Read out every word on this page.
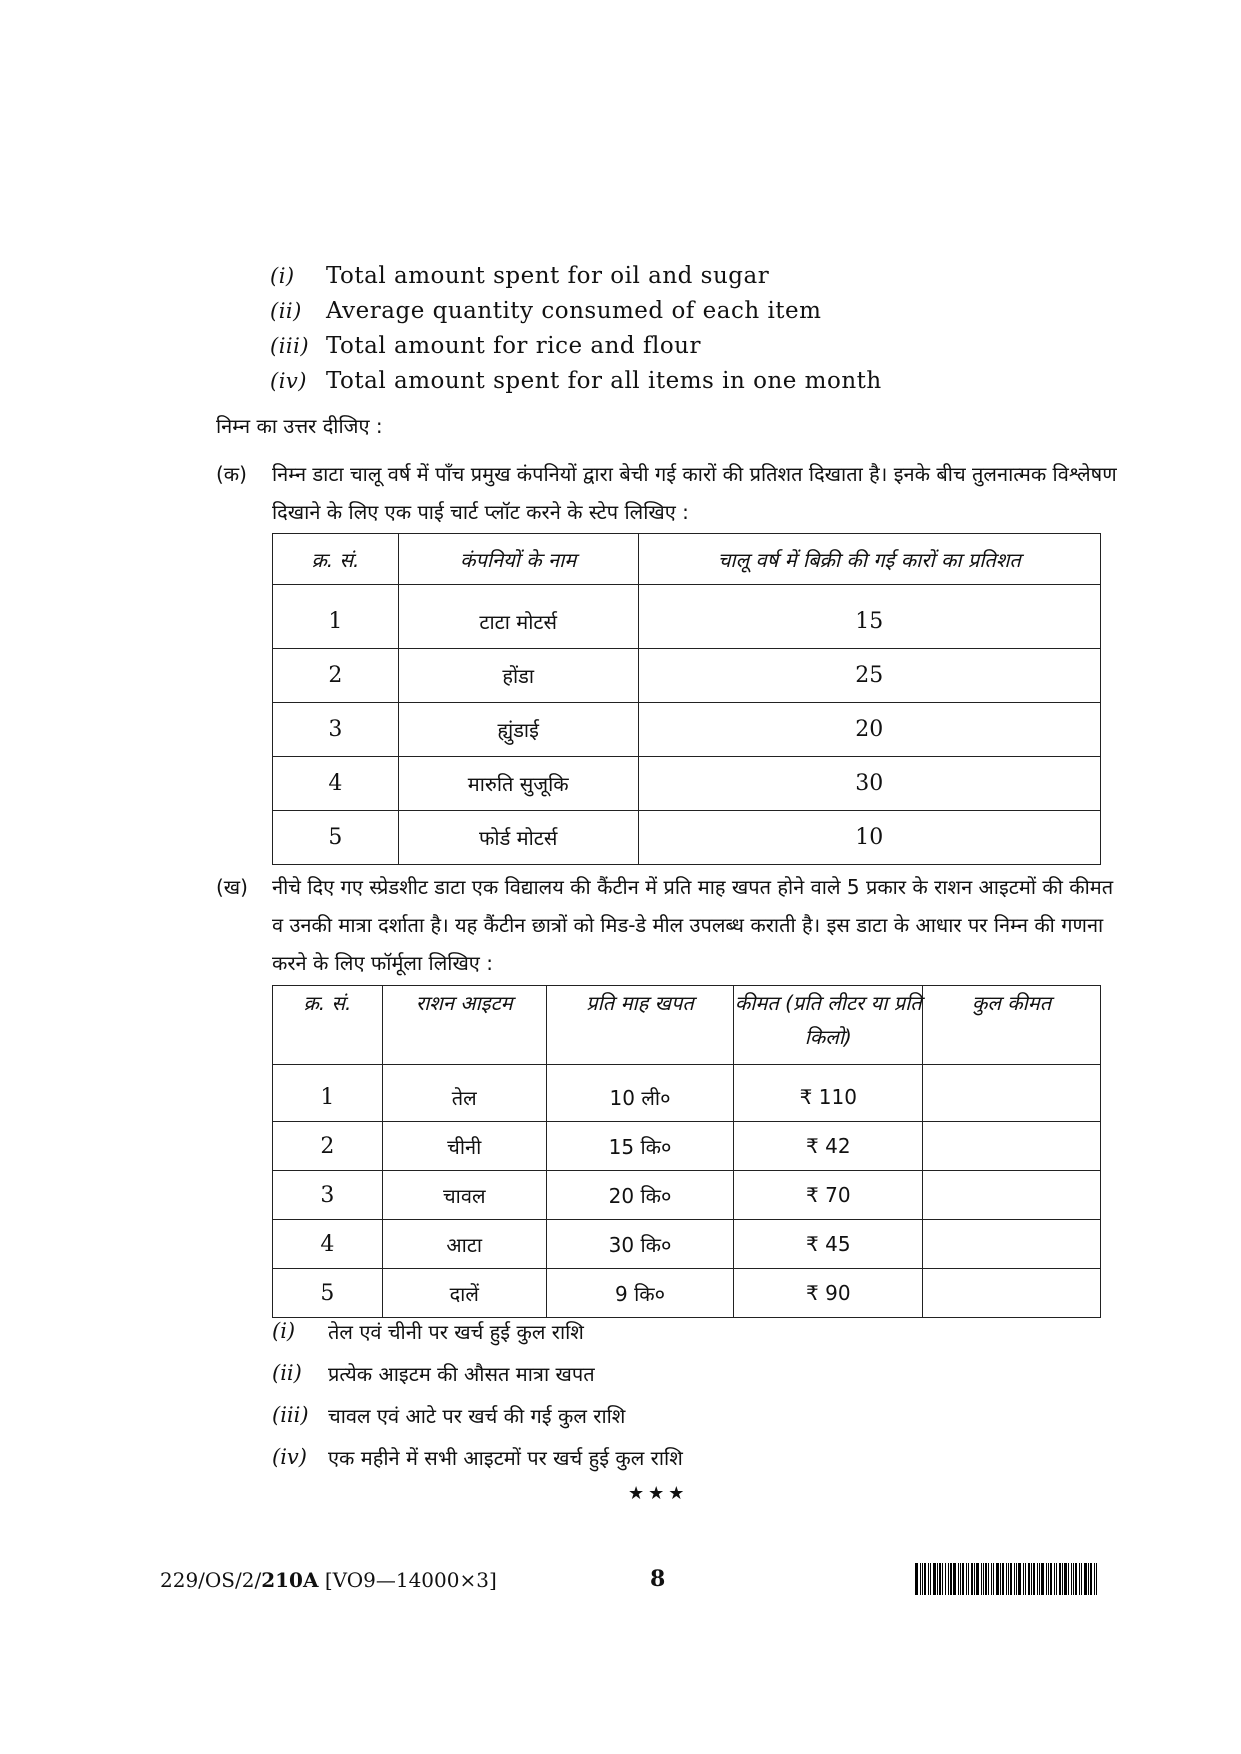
(i)	Total amount spent for oil and sugar
(ii)	Average quantity consumed of each item
(iii) Total amount for rice and flour
(iv) Total amount spent for all items in one month
निम्न का उत्तर दीजिए :
(क) निम्न डाटा चालू वर्ष में पाँच प्रमुख कंपनियों द्वारा बेची गई कारों की प्रतिशत दिखाता है। इनके बीच तुलनात्मक विश्लेषण दिखाने के लिए एक पाई चार्ट प्लॉट करने के स्टेप लिखिए :
क्र. सं.	कंपनियों के नाम	चालू वर्ष में बिक्री की गई कारों का प्रतिशत
1	टाटा मोटर्स	15
2	होंडा	25
3	ह्युंडाई	20
4	मारुति सुजूकि	30
5	फोर्ड मोटर्स	10
(ख) नीचे दिए गए स्प्रेडशीट डाटा एक विद्यालय की कैंटीन में प्रति माह खपत होने वाले 5 प्रकार के राशन आइटमों की कीमत व उनकी मात्रा दर्शाता है। यह कैंटीन छात्रों को मिड-डे मील उपलब्ध कराती है। इस डाटा के आधार पर निम्न की गणना करने के लिए फॉर्मूला लिखिए :
क्र. सं.	राशन आइटम	प्रति माह खपत	कीमत (प्रति लीटर या प्रति किलो)	कुल कीमत
1	तेल	10 ली०	₹ 110	
2	चीनी	15 कि०	₹ 42	
3	चावल	20 कि०	₹ 70	
4	आटा	30 कि०	₹ 45	
5	दालें	9 कि०	₹ 90	
(i)	तेल एवं चीनी पर खर्च हुई कुल राशि
(ii)	प्रत्येक आइटम की औसत मात्रा खपत
(iii) चावल एवं आटे पर खर्च की गई कुल राशि
(iv)	एक महीने में सभी आइटमों पर खर्च हुई कुल राशि
★★★
229/OS/2/210A [VO9—14000×3]	8
